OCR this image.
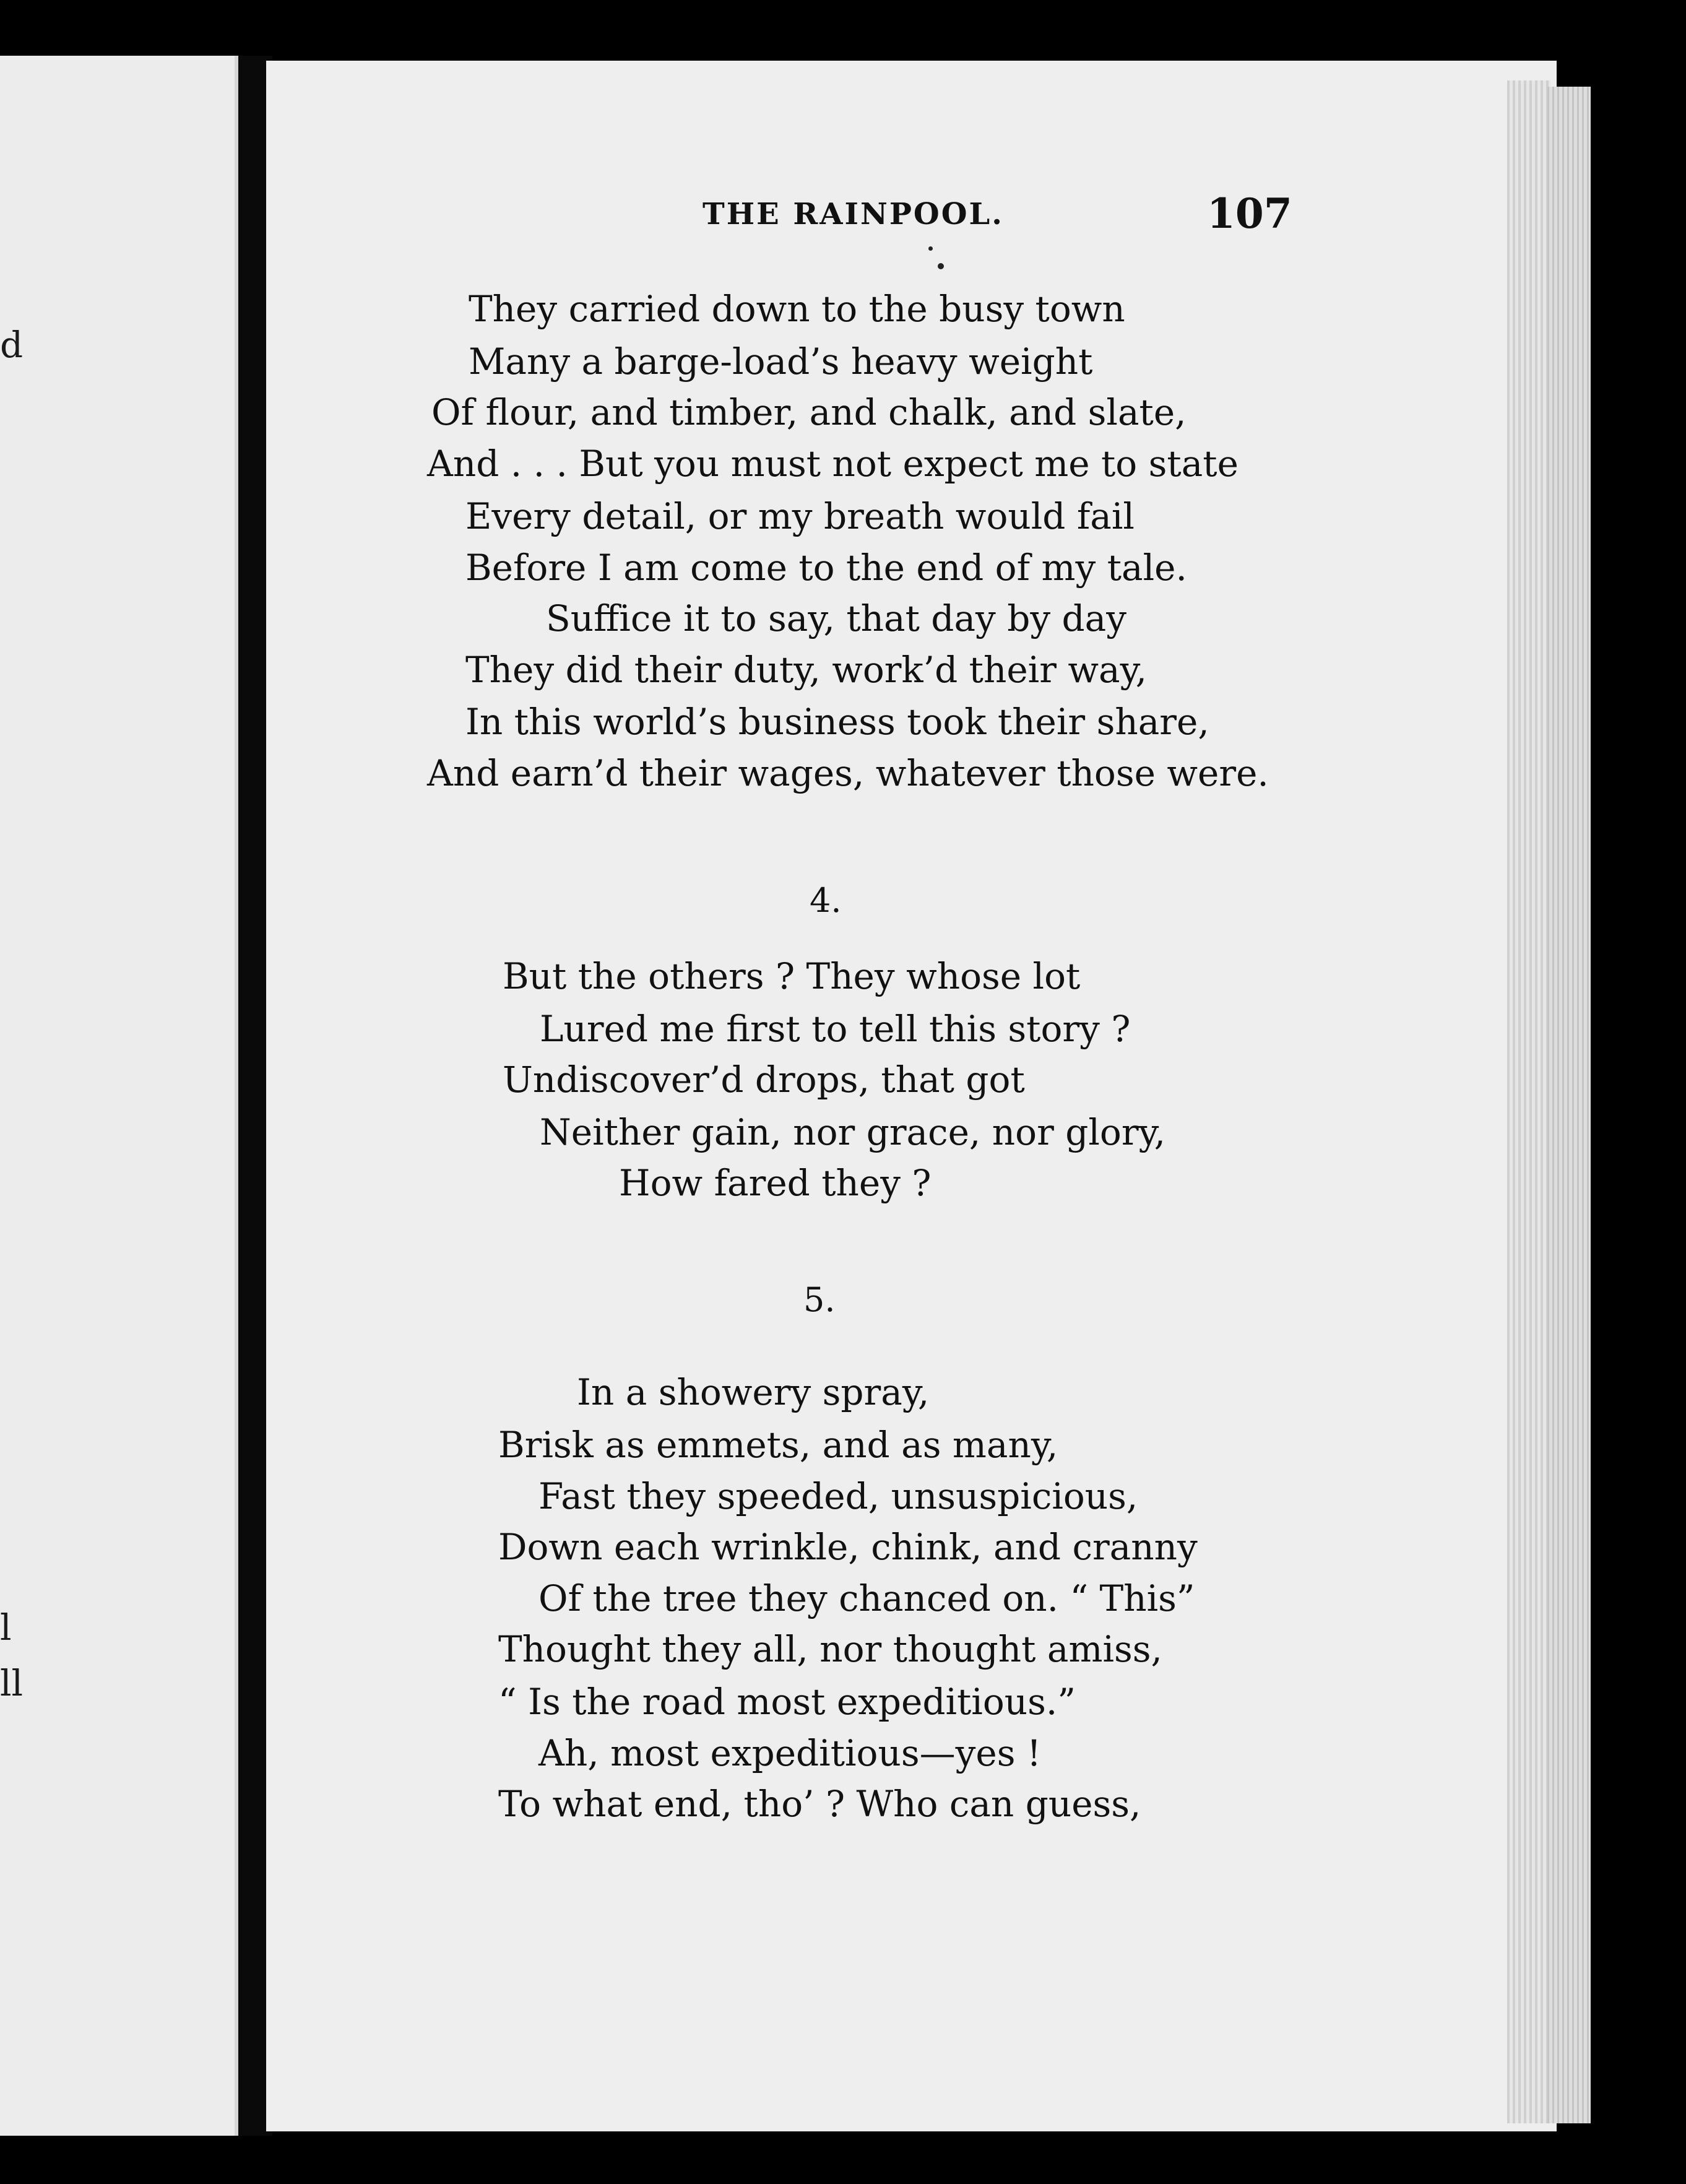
d
l
ll
THE RAINPOOL.	107
They carried down to the busy town
Many a barge-load’s heavy weight
Of flour, and timber, and chalk, and slate,
And . . . But you must not expect me to state
Every detail, or my breath would fail
Before I am come to the end of my tale.
Suffice it to say, that day by day
They did their duty, work’d their way,
In this world’s business took their share,
And earn’d their wages, whatever those were.
4.
But the others ? They whose lot
Lured me first to tell this story ?
Undiscover’d drops, that got
Neither gain, nor grace, nor glory,
How fared they ?
5.
In a showery spray,
Brisk as emmets, and as many,
Fast they speeded, unsuspicious,
Down each wrinkle, chink, and cranny
Of the tree they chanced on. “ This”
Thought they all, nor thought amiss,
“ Is the road most expeditious.”
Ah, most expeditious—yes !
To what end, tho’ ? Who can guess,
